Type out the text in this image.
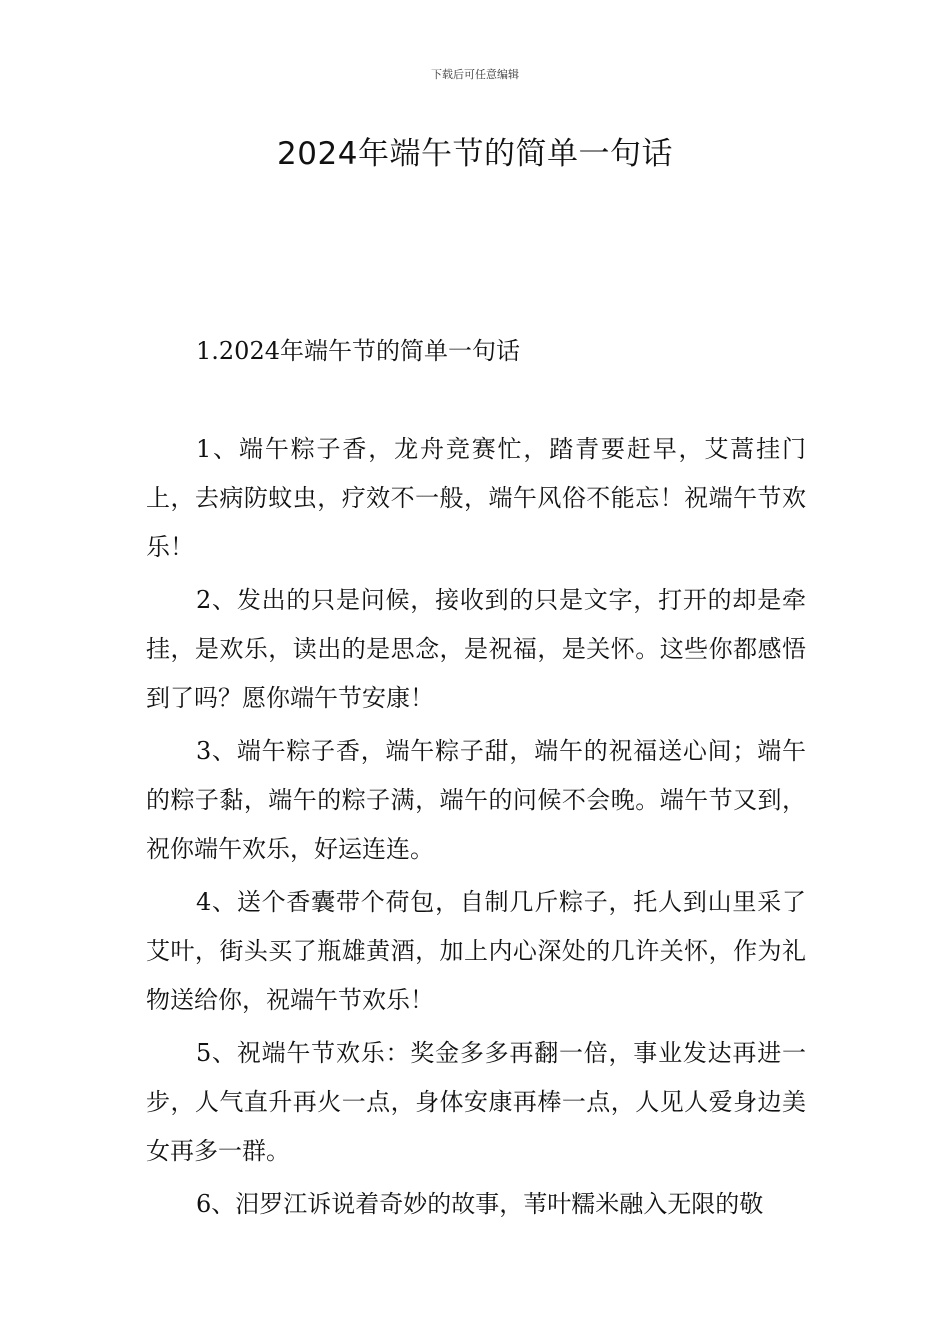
下载后可任意编辑
2024年端午节的简单一句话

1.2024年端午节的简单一句话

1、端午粽子香，龙舟竞赛忙，踏青要赶早，艾蒿挂门上，去病防蚊虫，疗效不一般，端午风俗不能忘！祝端午节欢乐！

2、发出的只是问候，接收到的只是文字，打开的却是牵挂，是欢乐，读出的是思念，是祝福，是关怀。这些你都感悟到了吗？愿你端午节安康！

3、端午粽子香，端午粽子甜，端午的祝福送心间；端午的粽子黏，端午的粽子满，端午的问候不会晚。端午节又到，祝你端午欢乐，好运连连。

4、送个香囊带个荷包，自制几斤粽子，托人到山里采了艾叶，街头买了瓶雄黄酒，加上内心深处的几许关怀，作为礼物送给你，祝端午节欢乐！

5、祝端午节欢乐：奖金多多再翻一倍，事业发达再进一步，人气直升再火一点，身体安康再棒一点，人见人爱身边美女再多一群。

6、汨罗江诉说着奇妙的故事，苇叶糯米融入无限的敬
